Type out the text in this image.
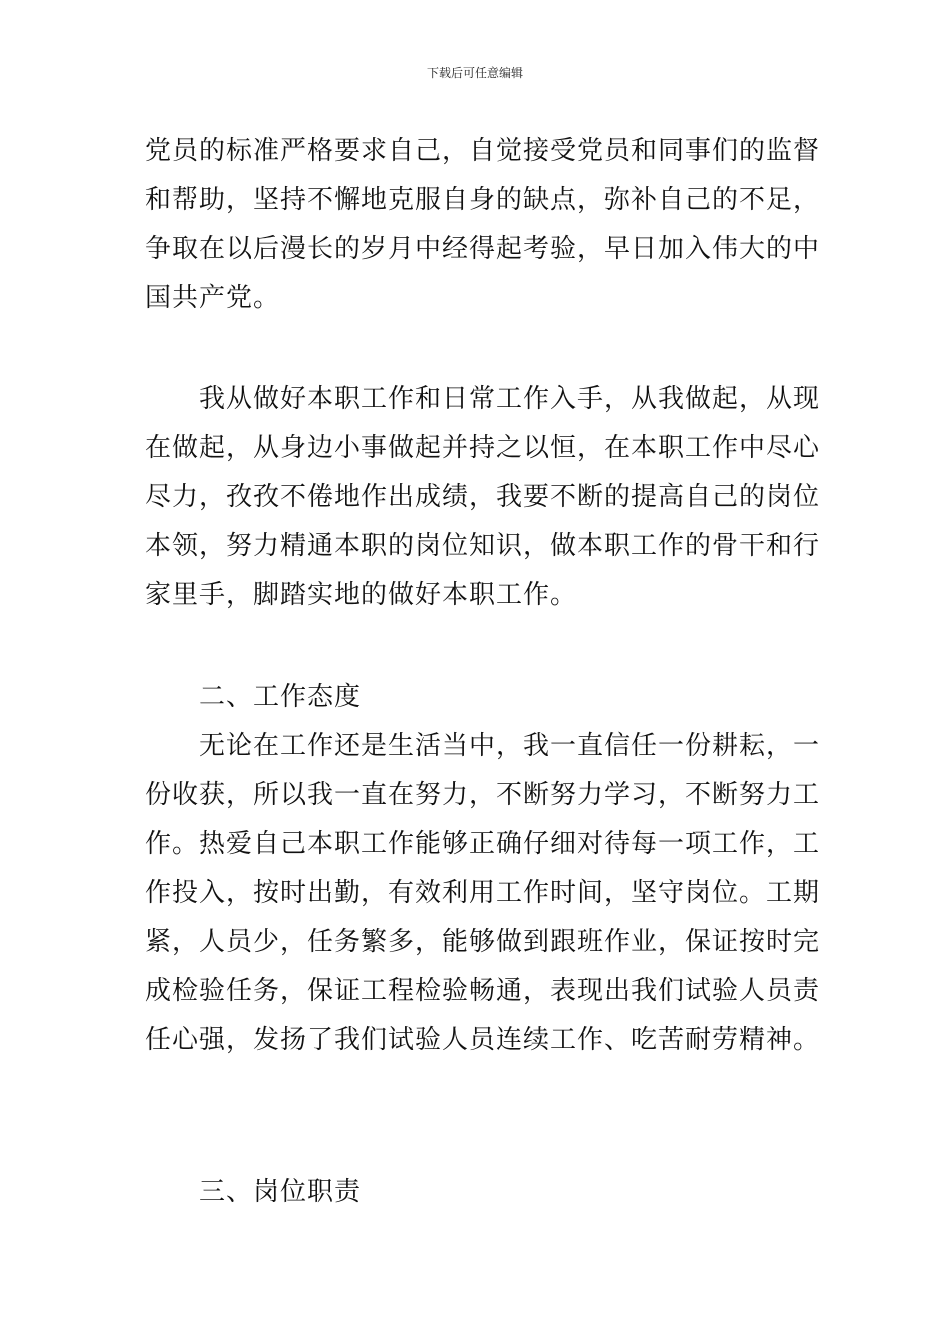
下载后可任意编辑

党员的标准严格要求自己，自觉接受党员和同事们的监督
和帮助，坚持不懈地克服自身的缺点，弥补自己的不足，
争取在以后漫长的岁月中经得起考验，早日加入伟大的中
国共产党。

　　我从做好本职工作和日常工作入手，从我做起，从现
在做起，从身边小事做起并持之以恒，在本职工作中尽心
尽力，孜孜不倦地作出成绩，我要不断的提高自己的岗位
本领，努力精通本职的岗位知识，做本职工作的骨干和行
家里手，脚踏实地的做好本职工作。

　　二、工作态度

　　无论在工作还是生活当中，我一直信任一份耕耘，一
份收获，所以我一直在努力，不断努力学习，不断努力工
作。热爱自己本职工作能够正确仔细对待每一项工作，工
作投入，按时出勤，有效利用工作时间，坚守岗位。工期
紧，人员少，任务繁多，能够做到跟班作业，保证按时完
成检验任务，保证工程检验畅通，表现出我们试验人员责
任心强，发扬了我们试验人员连续工作、吃苦耐劳精神。

　　三、岗位职责
